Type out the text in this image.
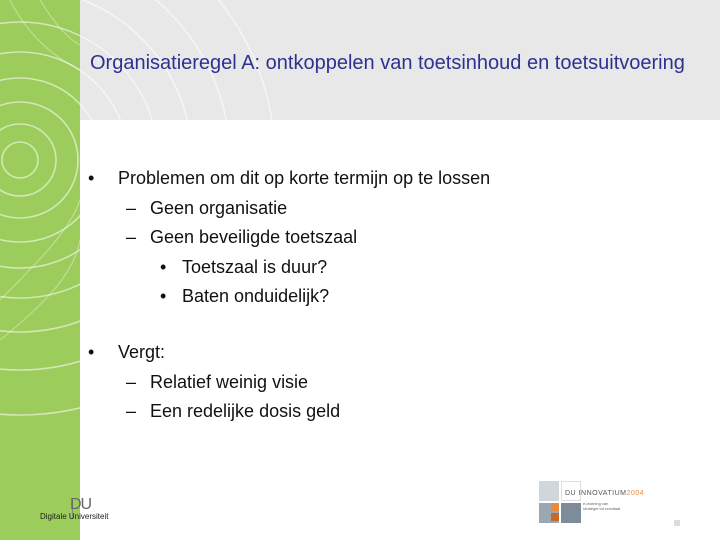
Organisatieregel A: ontkoppelen van toetsinhoud en toetsuitvoering
• Problemen om dit op korte termijn op te lossen
– Geen organisatie
– Geen beveiligde toetszaal
• Toetszaal is duur?
• Baten onduidelijk?
• Vergt:
– Relatief weinig visie
– Een redelijke dosis geld
DU
Digitale Universiteit
DU INNOVATIUM2004
e-learning van strategie tot resultaat
